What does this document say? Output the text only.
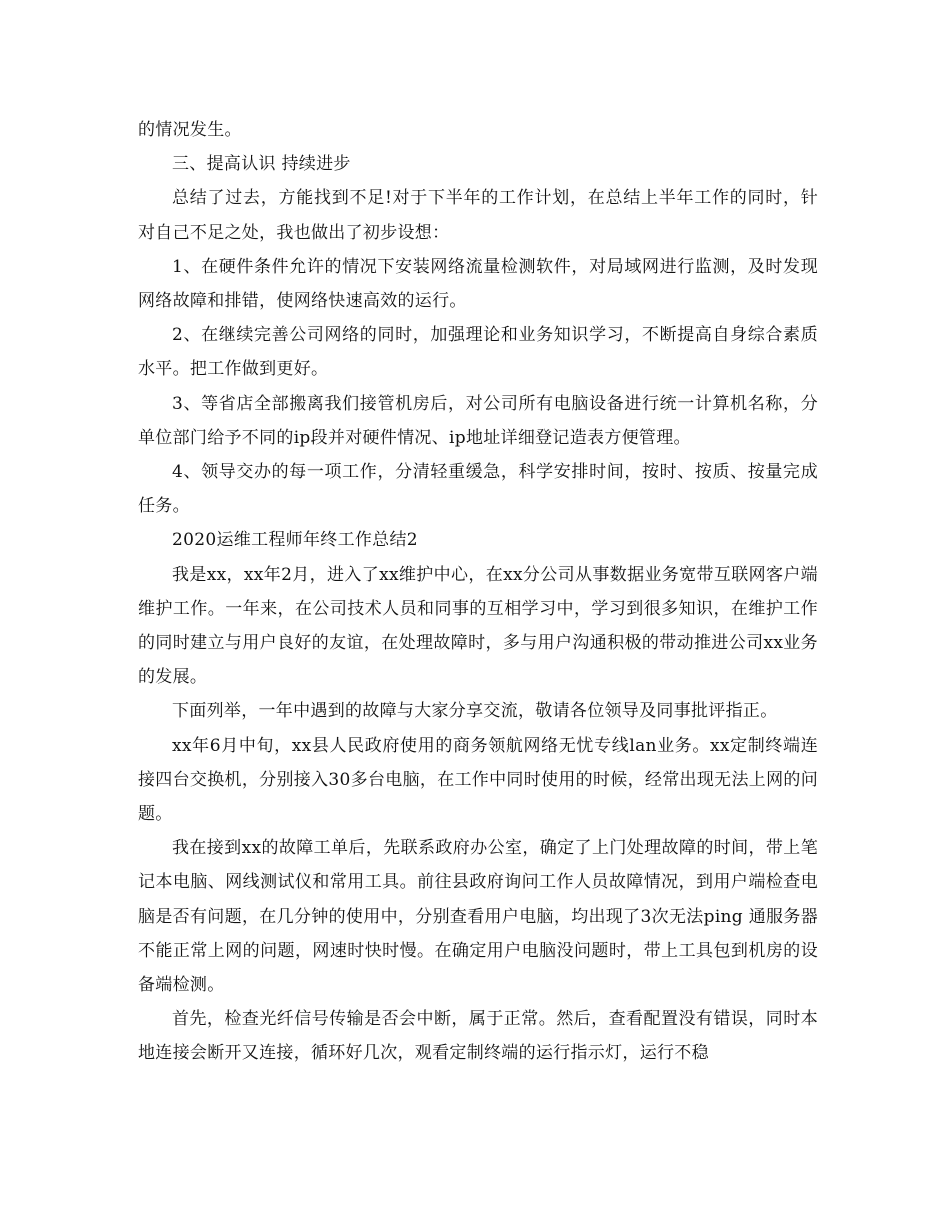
的情况发生。

三、提高认识 持续进步

总结了过去，方能找到不足!对于下半年的工作计划，在总结上半年工作的同时，针对自己不足之处，我也做出了初步设想：

1、在硬件条件允许的情况下安装网络流量检测软件，对局域网进行监测，及时发现网络故障和排错，使网络快速高效的运行。

2、在继续完善公司网络的同时，加强理论和业务知识学习，不断提高自身综合素质水平。把工作做到更好。

3、等省店全部搬离我们接管机房后，对公司所有电脑设备进行统一计算机名称，分单位部门给予不同的ip段并对硬件情况、ip地址详细登记造表方便管理。

4、领导交办的每一项工作，分清轻重缓急，科学安排时间，按时、按质、按量完成任务。

2020运维工程师年终工作总结2

我是xx，xx年2月，进入了xx维护中心，在xx分公司从事数据业务宽带互联网客户端维护工作。一年来，在公司技术人员和同事的互相学习中，学习到很多知识，在维护工作的同时建立与用户良好的友谊，在处理故障时，多与用户沟通积极的带动推进公司xx业务的发展。

下面列举，一年中遇到的故障与大家分享交流，敬请各位领导及同事批评指正。

xx年6月中旬，xx县人民政府使用的商务领航网络无忧专线lan业务。xx定制终端连接四台交换机，分别接入30多台电脑，在工作中同时使用的时候，经常出现无法上网的问题。

我在接到xx的故障工单后，先联系政府办公室，确定了上门处理故障的时间，带上笔记本电脑、网线测试仪和常用工具。前往县政府询问工作人员故障情况，到用户端检查电脑是否有问题，在几分钟的使用中，分别查看用户电脑，均出现了3次无法ping 通服务器不能正常上网的问题，网速时快时慢。在确定用户电脑没问题时，带上工具包到机房的设备端检测。

首先，检查光纤信号传输是否会中断，属于正常。然后，查看配置没有错误，同时本地连接会断开又连接，循环好几次，观看定制终端的运行指示灯，运行不稳
